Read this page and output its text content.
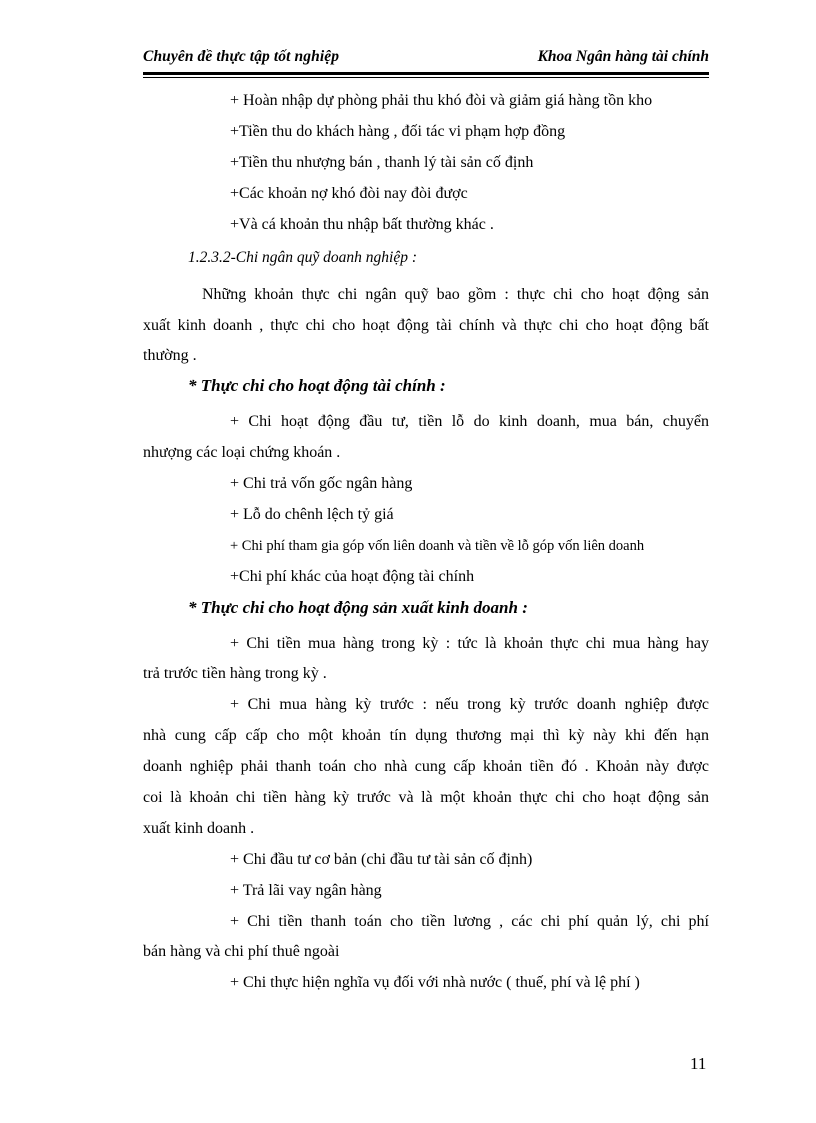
Chuyên đề thực tập tốt nghiệp	Khoa Ngân hàng tài chính
+ Hoàn nhập dự phòng phải thu khó đòi và giảm giá hàng tồn kho
+Tiền thu do khách hàng , đối tác vi phạm hợp đồng
+Tiền thu nhượng bán , thanh lý tài sản cố định
+Các khoản nợ khó đòi nay đòi được
+Và cá khoản thu nhập bất thường khác .
1.2.3.2-Chi ngân quỹ doanh nghiệp :
Những khoản thực chi ngân quỹ bao gồm : thực chi cho hoạt động sản
xuất kinh doanh , thực chi cho hoạt động tài chính và thực chi cho hoạt động bất
thường .
* Thực chi cho hoạt động tài chính :
+ Chi hoạt động đầu tư, tiền lỗ do kinh doanh, mua bán, chuyển
nhượng các loại chứng khoán .
+ Chi trả vốn gốc ngân hàng
+ Lỗ do chênh lệch tỷ giá
+ Chi phí tham gia góp vốn liên doanh và tiền về lỗ góp vốn liên doanh
+Chi phí khác của hoạt động tài chính
* Thực chi cho hoạt động sản xuất kinh doanh :
+ Chi tiền mua hàng trong kỳ : tức là khoản thực chi mua hàng hay
trả trước tiền hàng trong kỳ .
+ Chi mua hàng kỳ trước : nếu trong kỳ trước doanh nghiệp được
nhà cung cấp cấp cho một khoản tín dụng thương mại thì kỳ này khi đến hạn
doanh nghiệp phải thanh toán cho nhà cung cấp khoản tiền đó . Khoản này được
coi là khoản chi tiền hàng kỳ trước và là một khoản thực chi cho hoạt động sản
xuất kinh doanh .
+ Chi đầu tư cơ bản (chi đầu tư tài sản cố định)
+ Trả lãi vay ngân hàng
+ Chi tiền thanh toán cho tiền lương , các chi phí quản lý, chi phí
bán hàng và chi phí thuê ngoài
+ Chi thực hiện nghĩa vụ đối với nhà nước ( thuế, phí và lệ phí )
11
